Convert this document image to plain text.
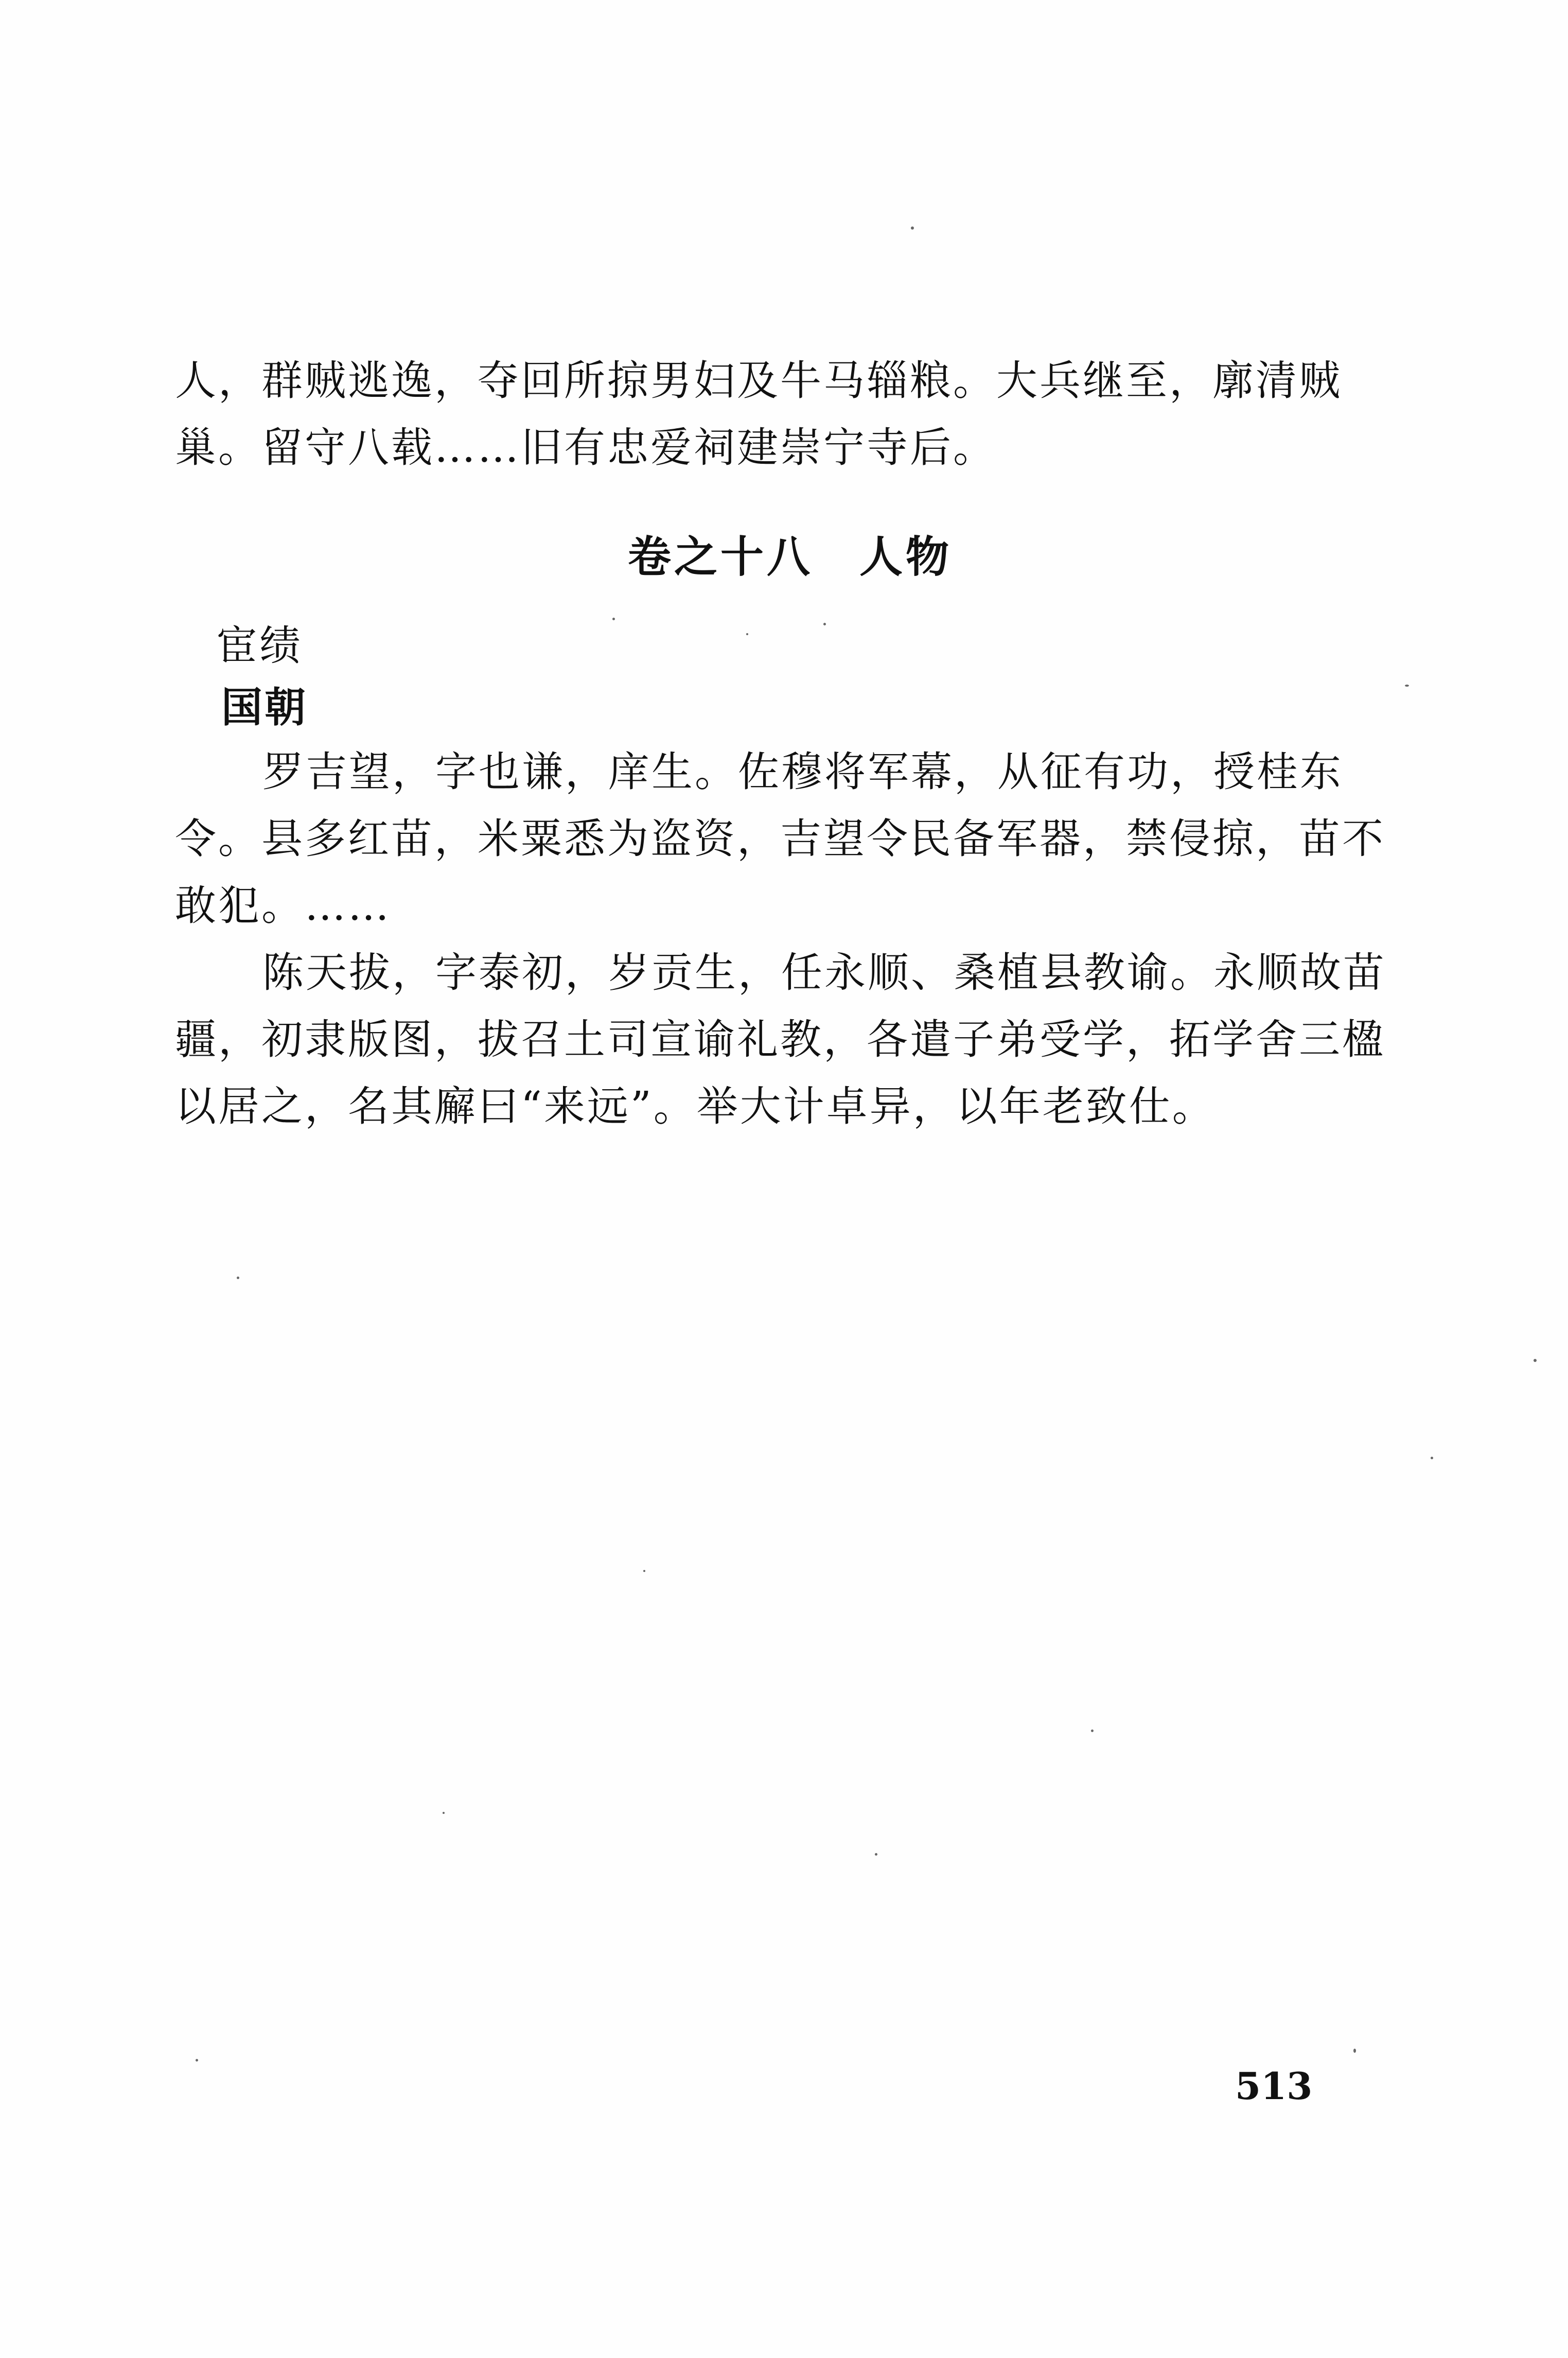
人，群贼逃逸，夺回所掠男妇及牛马辎粮。大兵继至，廓清贼
巢。留守八载……旧有忠爱祠建崇宁寺后。
卷之十八　人物
宦绩
国朝
罗吉望，字也谦，庠生。佐穆将军幕，从征有功，授桂东
令。县多红苗，米粟悉为盗资，吉望令民备军器，禁侵掠，苗不
敢犯。……
陈天拔，字泰初，岁贡生，任永顺、桑植县教谕。永顺故苗
疆，初隶版图，拔召土司宣谕礼教，各遣子弟受学，拓学舍三楹
以居之，名其廨曰“来远”。举大计卓异，以年老致仕。
513
